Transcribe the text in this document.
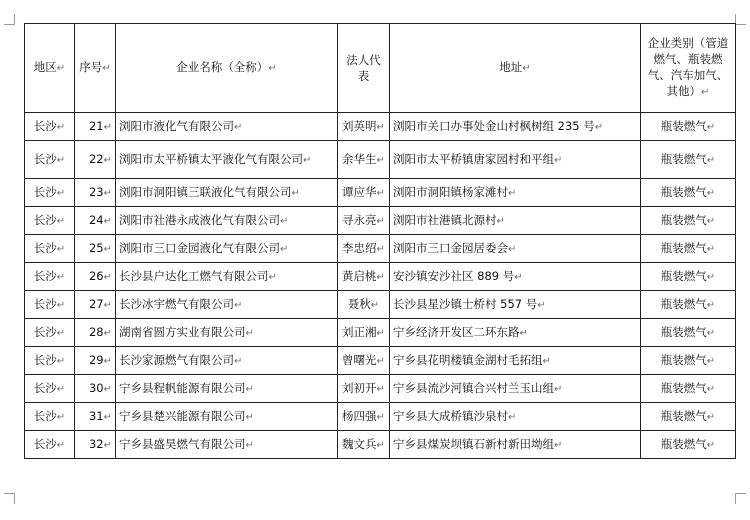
地区↵	序号↵	企业名称（全称）↵	法人代表	地址↵	企业类别（管道燃气、瓶装燃气、汽车加气、其他）↵
长沙↵	21↵	浏阳市液化气有限公司↵	刘英明↵	浏阳市关口办事处金山村枫树组 235 号↵	瓶装燃气↵
长沙↵	22↵	浏阳市太平桥镇太平液化气有限公司↵	余华生↵	浏阳市太平桥镇唐家园村和平组↵	瓶装燃气↵
长沙↵	23↵	浏阳市洞阳镇三联液化气有限公司↵	谭应华↵	浏阳市洞阳镇杨家滩村↵	瓶装燃气↵
长沙↵	24↵	浏阳市社港永成液化气有限公司↵	寻永亮↵	浏阳市社港镇北源村↵	瓶装燃气↵
长沙↵	25↵	浏阳市三口金园液化气有限公司↵	李忠绍↵	浏阳市三口金园居委会↵	瓶装燃气↵
长沙↵	26↵	长沙县户达化工燃气有限公司↵	黄启桃↵	安沙镇安沙社区 889 号↵	瓶装燃气↵
长沙↵	27↵	长沙冰宇燃气有限公司↵	聂秋↵	长沙县星沙镇士桥村 557 号↵	瓶装燃气↵
长沙↵	28↵	湖南省圆方实业有限公司↵	刘正湘↵	宁乡经济开发区二环东路↵	瓶装燃气↵
长沙↵	29↵	长沙家源燃气有限公司↵	曾曙光↵	宁乡县花明楼镇金湖村毛拓组↵	瓶装燃气↵
长沙↵	30↵	宁乡县程帆能源有限公司↵	刘初开↵	宁乡县流沙河镇合兴村兰玉山组↵	瓶装燃气↵
长沙↵	31↵	宁乡县楚兴能源有限公司↵	杨四强↵	宁乡县大成桥镇沙泉村↵	瓶装燃气↵
长沙↵	32↵	宁乡县盛昊燃气有限公司↵	魏文兵↵	宁乡县煤炭坝镇石新村新田坳组↵	瓶装燃气↵
